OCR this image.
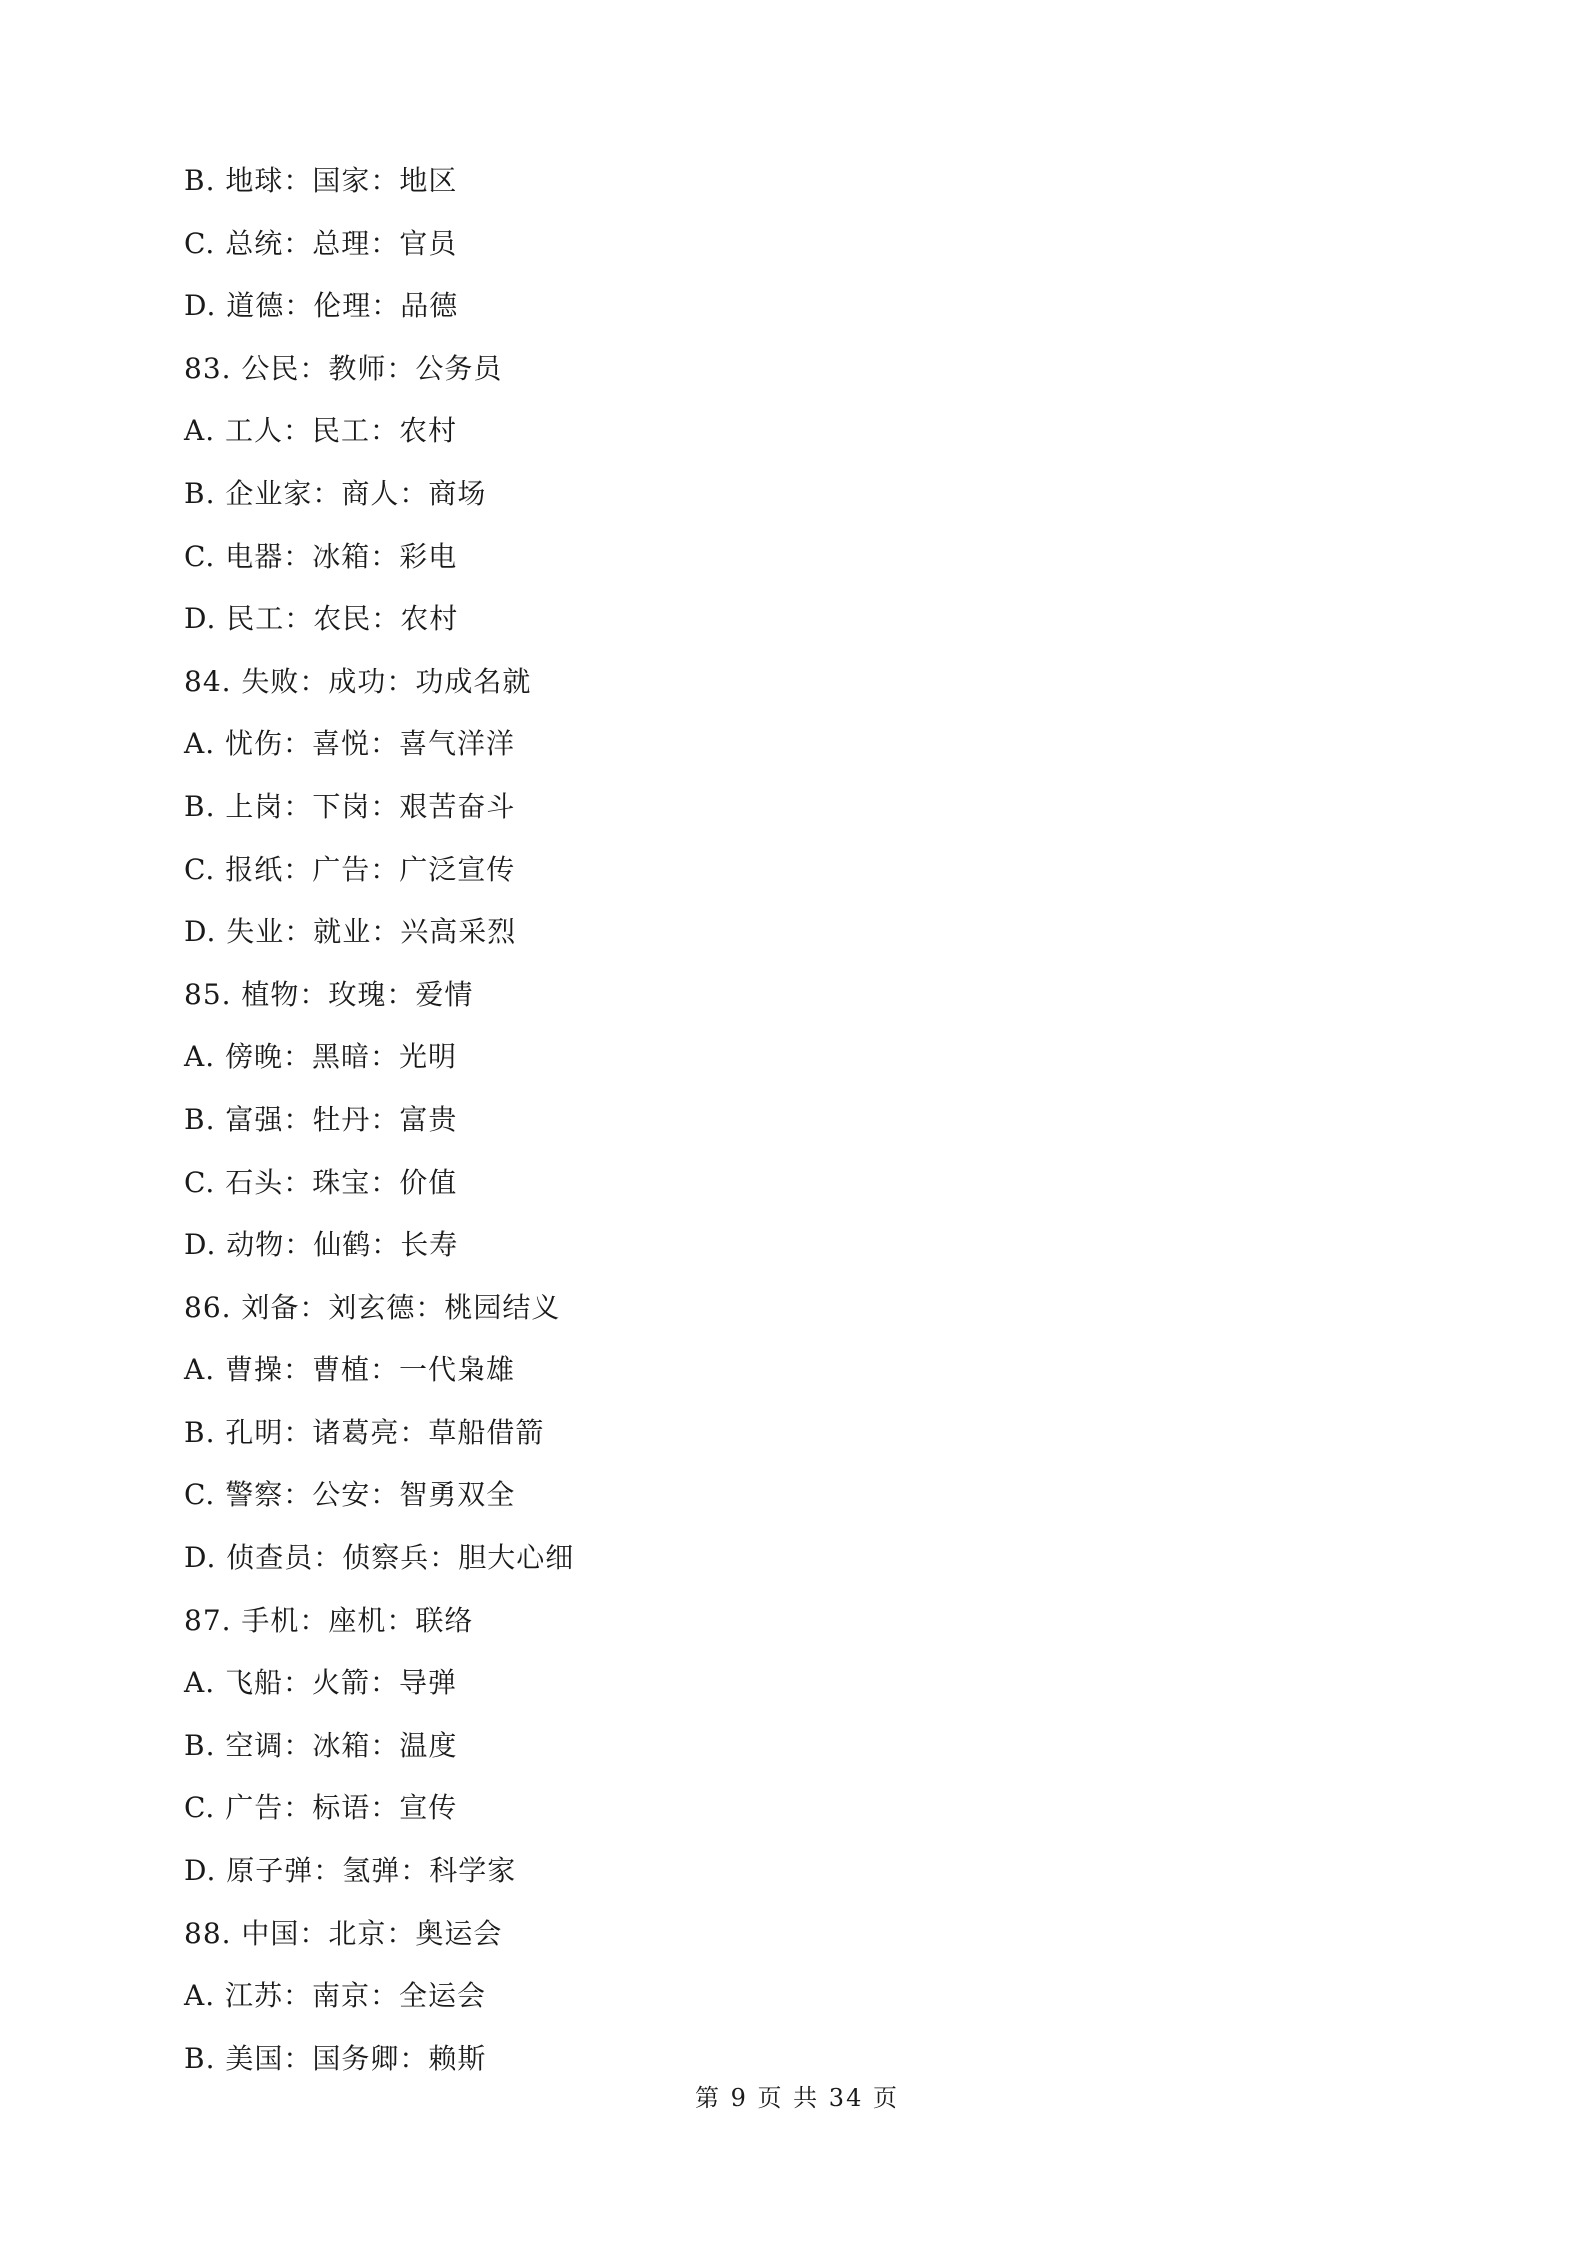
B. 地球：国家：地区
C. 总统：总理：官员
D. 道德：伦理：品德
83. 公民：教师：公务员
A. 工人：民工：农村
B. 企业家：商人：商场
C. 电器：冰箱：彩电
D. 民工：农民：农村
84. 失败：成功：功成名就
A. 忧伤：喜悦：喜气洋洋
B. 上岗：下岗：艰苦奋斗
C. 报纸：广告：广泛宣传
D. 失业：就业：兴高采烈
85. 植物：玫瑰：爱情
A. 傍晚：黑暗：光明
B. 富强：牡丹：富贵
C. 石头：珠宝：价值
D. 动物：仙鹤：长寿
86. 刘备：刘玄德：桃园结义
A. 曹操：曹植：一代枭雄
B. 孔明：诸葛亮：草船借箭
C. 警察：公安：智勇双全
D. 侦查员：侦察兵：胆大心细
87. 手机：座机：联络
A. 飞船：火箭：导弹
B. 空调：冰箱：温度
C. 广告：标语：宣传
D. 原子弹：氢弹：科学家
88. 中国：北京：奥运会
A. 江苏：南京：全运会
B. 美国：国务卿：赖斯
第 9 页 共 34 页
